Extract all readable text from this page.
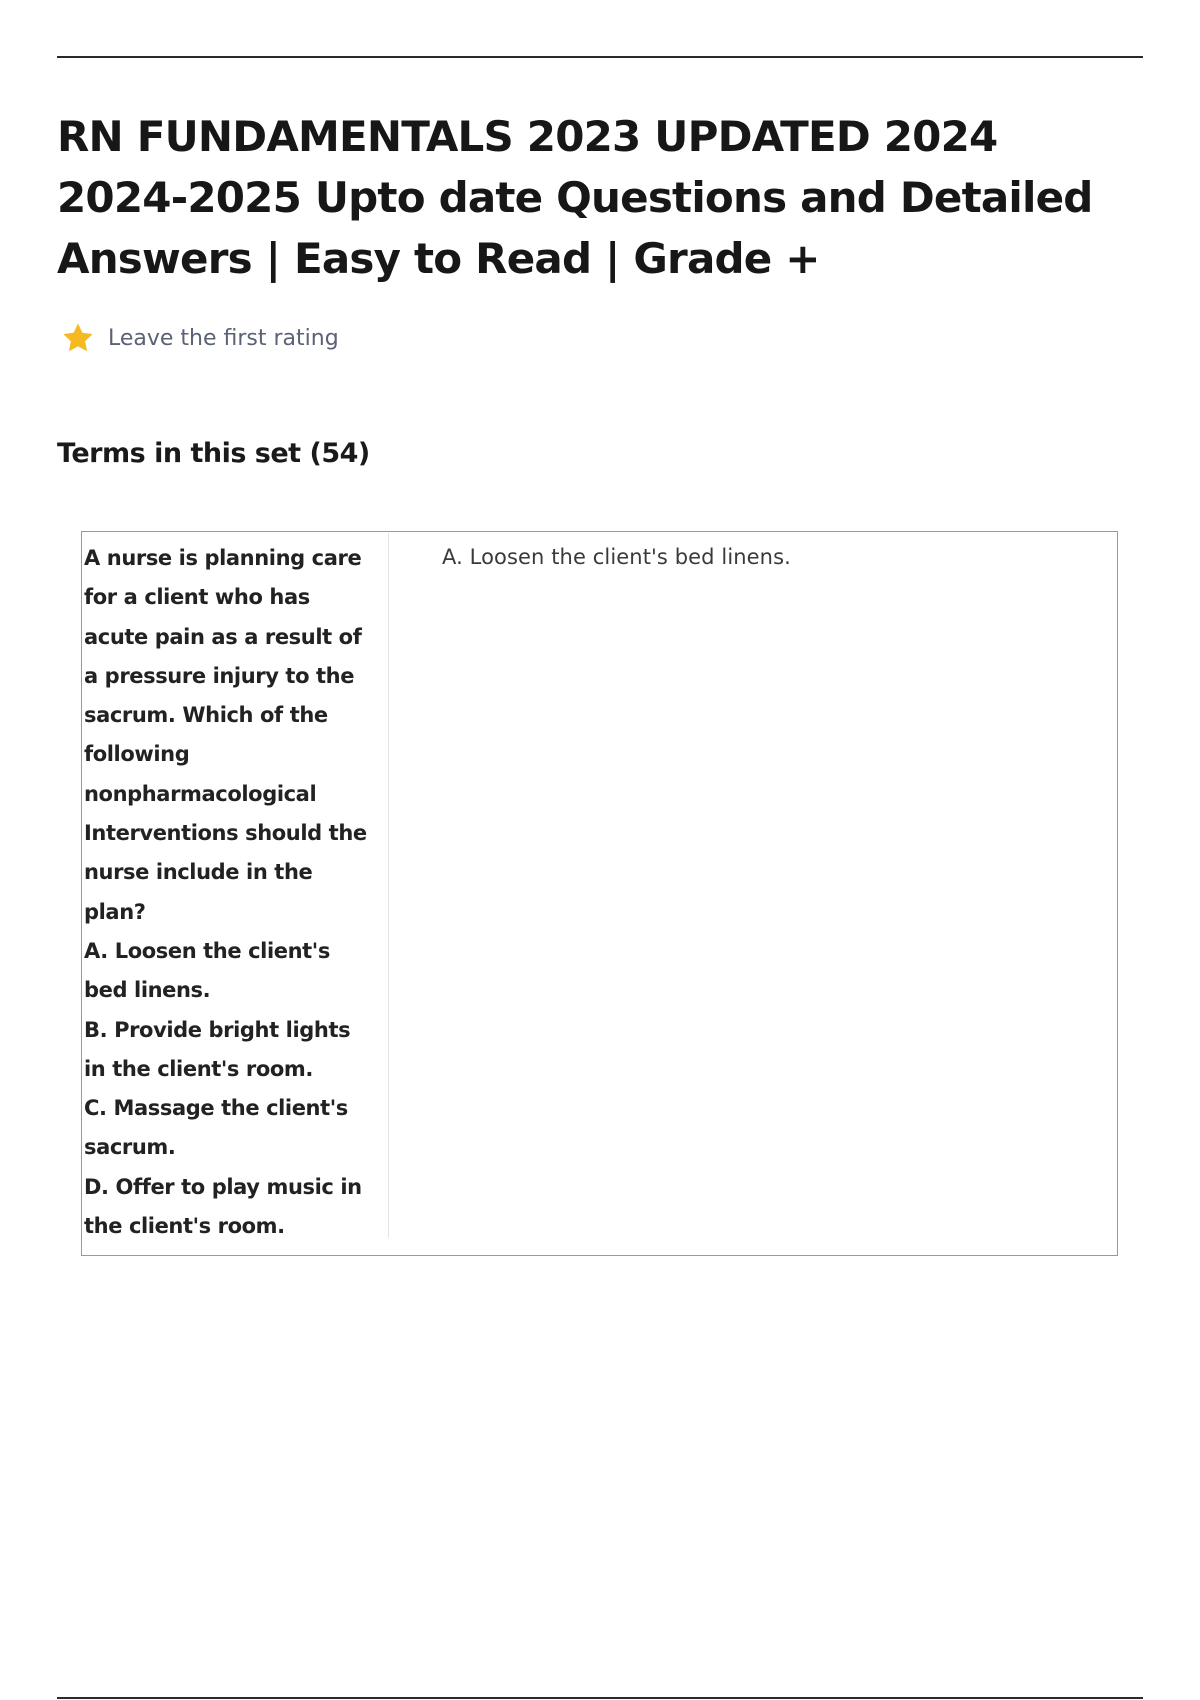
RN FUNDAMENTALS 2023 UPDATED 2024 2024-2025 Upto date Questions and Detailed Answers | Easy to Read | Grade +
Leave the first rating
Terms in this set (54)
A nurse is planning care
for a client who has
acute pain as a result of
a pressure injury to the
sacrum. Which of the
following
nonpharmacological
Interventions should the
nurse include in the
plan?
A. Loosen the client's
bed linens.
B. Provide bright lights
in the client's room.
C. Massage the client's
sacrum.
D. Offer to play music in
the client's room.
A. Loosen the client's bed linens.
